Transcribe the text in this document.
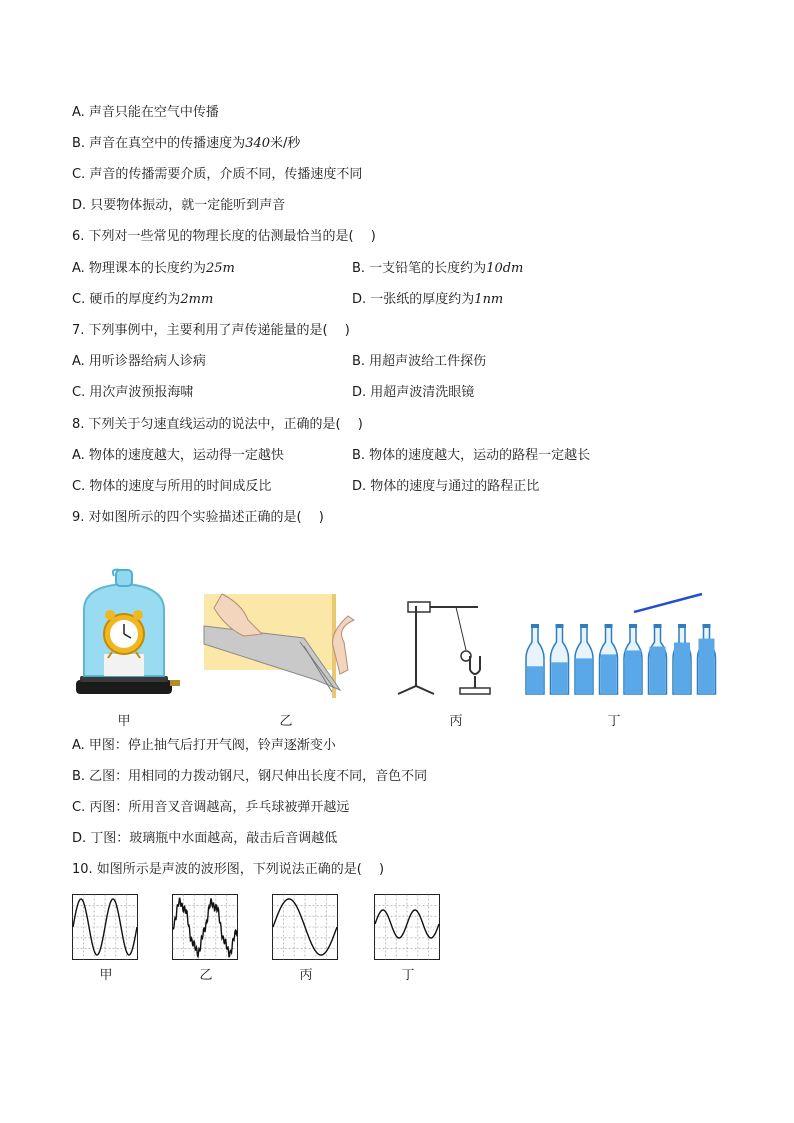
A. 声音只能在空气中传播
B. 声音在真空中的传播速度为340米/秒
C. 声音的传播需要介质，介质不同，传播速度不同
D. 只要物体振动，就一定能听到声音
6. 下列对一些常见的物理长度的估测最恰当的是(　 )
A. 物理课本的长度约为25m	B. 一支铅笔的长度约为10dm
C. 硬币的厚度约为2mm	D. 一张纸的厚度约为1nm
7. 下列事例中，主要利用了声传递能量的是(　 )
A. 用听诊器给病人诊病	B. 用超声波给工件探伤
C. 用次声波预报海啸	D. 用超声波清洗眼镜
8. 下列关于匀速直线运动的说法中，正确的是(　 )
A. 物体的速度越大，运动得一定越快	B. 物体的速度越大，运动的路程一定越长
C. 物体的速度与所用的时间成反比	D. 物体的速度与通过的路程正比
9. 对如图所示的四个实验描述正确的是(　 )
甲	乙	丙	丁
A. 甲图：停止抽气后打开气阀，铃声逐渐变小
B. 乙图：用相同的力拨动钢尺，钢尺伸出长度不同，音色不同
C. 丙图：所用音叉音调越高，乒乓球被弹开越远
D. 丁图：玻璃瓶中水面越高，敲击后音调越低
10. 如图所示是声波的波形图，下列说法正确的是(　 )
甲	乙	丙	丁
